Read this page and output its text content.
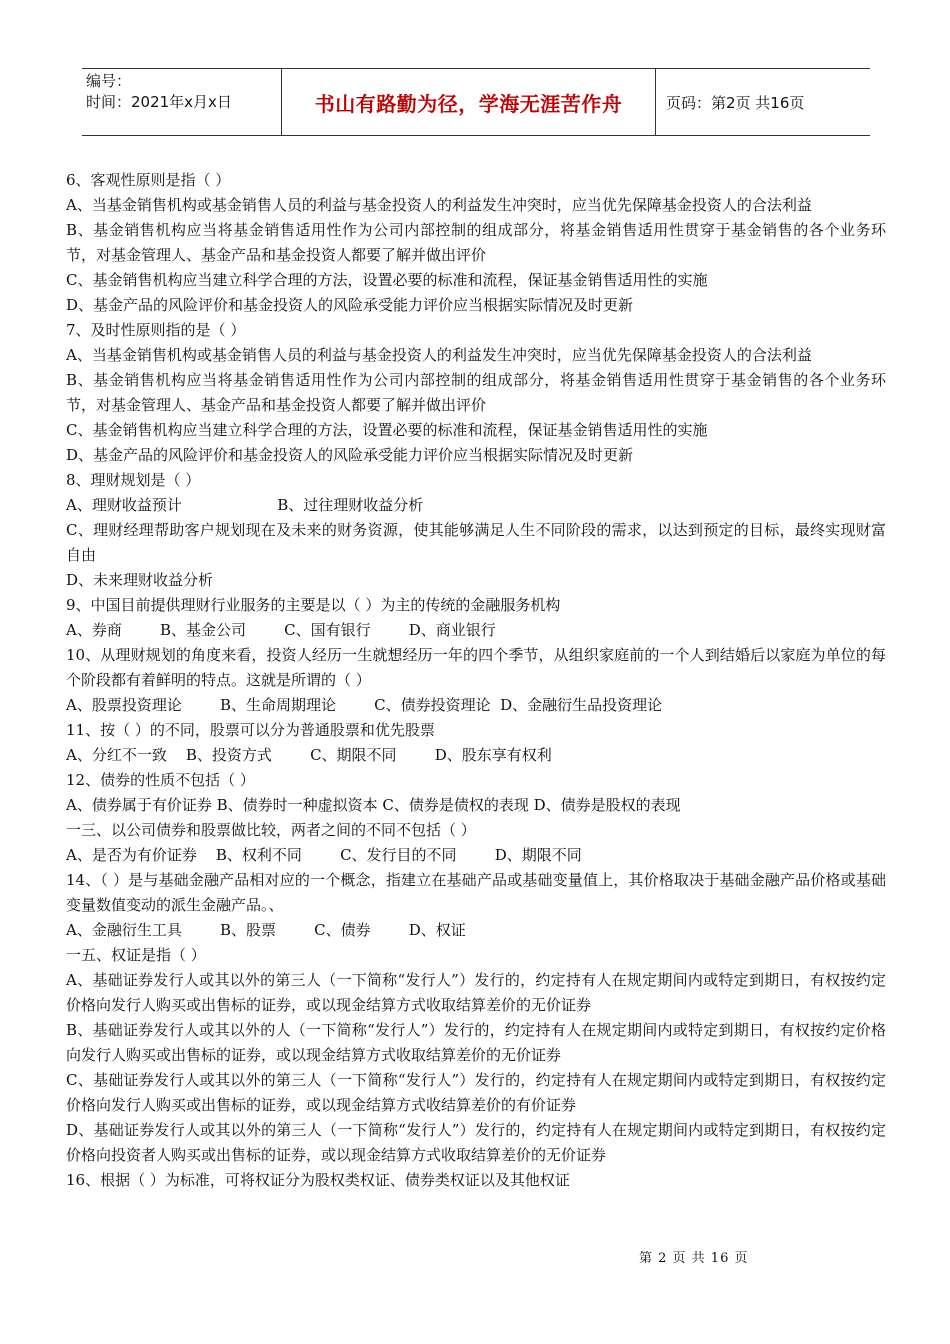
编号：
时间：2021年x月x日	书山有路勤为径，学海无涯苦作舟	页码：第2页 共16页

6、客观性原则是指（ ）

A、当基金销售机构或基金销售人员的利益与基金投资人的利益发生冲突时，应当优先保障基金投资人的合法利益

B、基金销售机构应当将基金销售适用性作为公司内部控制的组成部分，将基金销售适用性贯穿于基金销售的各个业务环节，对基金管理人、基金产品和基金投资人都要了解并做出评价

C、基金销售机构应当建立科学合理的方法，设置必要的标准和流程，保证基金销售适用性的实施

D、基金产品的风险评价和基金投资人的风险承受能力评价应当根据实际情况及时更新

7、及时性原则指的是（ ）

A、当基金销售机构或基金销售人员的利益与基金投资人的利益发生冲突时，应当优先保障基金投资人的合法利益

B、基金销售机构应当将基金销售适用性作为公司内部控制的组成部分，将基金销售适用性贯穿于基金销售的各个业务环节，对基金管理人、基金产品和基金投资人都要了解并做出评价

C、基金销售机构应当建立科学合理的方法，设置必要的标准和流程，保证基金销售适用性的实施

D、基金产品的风险评价和基金投资人的风险承受能力评价应当根据实际情况及时更新

8、理财规划是（ ）

A、理财收益预计                    B、过往理财收益分析

C、理财经理帮助客户规划现在及未来的财务资源，使其能够满足人生不同阶段的需求，以达到预定的目标，最终实现财富自由

D、未来理财收益分析

9、中国目前提供理财行业服务的主要是以（ ）为主的传统的金融服务机构

A、券商        B、基金公司        C、国有银行        D、商业银行

10、从理财规划的角度来看，投资人经历一生就想经历一年的四个季节，从组织家庭前的一个人到结婚后以家庭为单位的每个阶段都有着鲜明的特点。这就是所谓的（ ）

A、股票投资理论        B、生命周期理论        C、债券投资理论  D、金融衍生品投资理论

11、按（ ）的不同，股票可以分为普通股票和优先股票

A、分红不一致    B、投资方式        C、期限不同        D、股东享有权利

12、债券的性质不包括（ ）

A、债券属于有价证券 B、债券时一种虚拟资本 C、债券是债权的表现 D、债券是股权的表现

一三、以公司债券和股票做比较，两者之间的不同不包括（ ）

A、是否为有价证券    B、权利不同        C、发行目的不同        D、期限不同

14、（ ）是与基础金融产品相对应的一个概念，指建立在基础产品或基础变量值上，其价格取决于基础金融产品价格或基础变量数值变动的派生金融产品。、

A、金融衍生工具        B、股票        C、债券        D、权证

一五、权证是指（ ）

A、基础证券发行人或其以外的第三人（一下简称“发行人”）发行的，约定持有人在规定期间内或特定到期日，有权按约定价格向发行人购买或出售标的证券，或以现金结算方式收取结算差价的无价证券

B、基础证券发行人或其以外的人（一下简称“发行人”）发行的，约定持有人在规定期间内或特定到期日，有权按约定价格向发行人购买或出售标的证券，或以现金结算方式收取结算差价的无价证券

C、基础证券发行人或其以外的第三人（一下简称“发行人”）发行的，约定持有人在规定期间内或特定到期日，有权按约定价格向发行人购买或出售标的证券，或以现金结算方式收结算差价的有价证券

D、基础证券发行人或其以外的第三人（一下简称“发行人”）发行的，约定持有人在规定期间内或特定到期日，有权按约定价格向投资者人购买或出售标的证券，或以现金结算方式收取结算差价的无价证券

16、根据（ ）为标准，可将权证分为股权类权证、债券类权证以及其他权证

第 2 页 共 16 页
